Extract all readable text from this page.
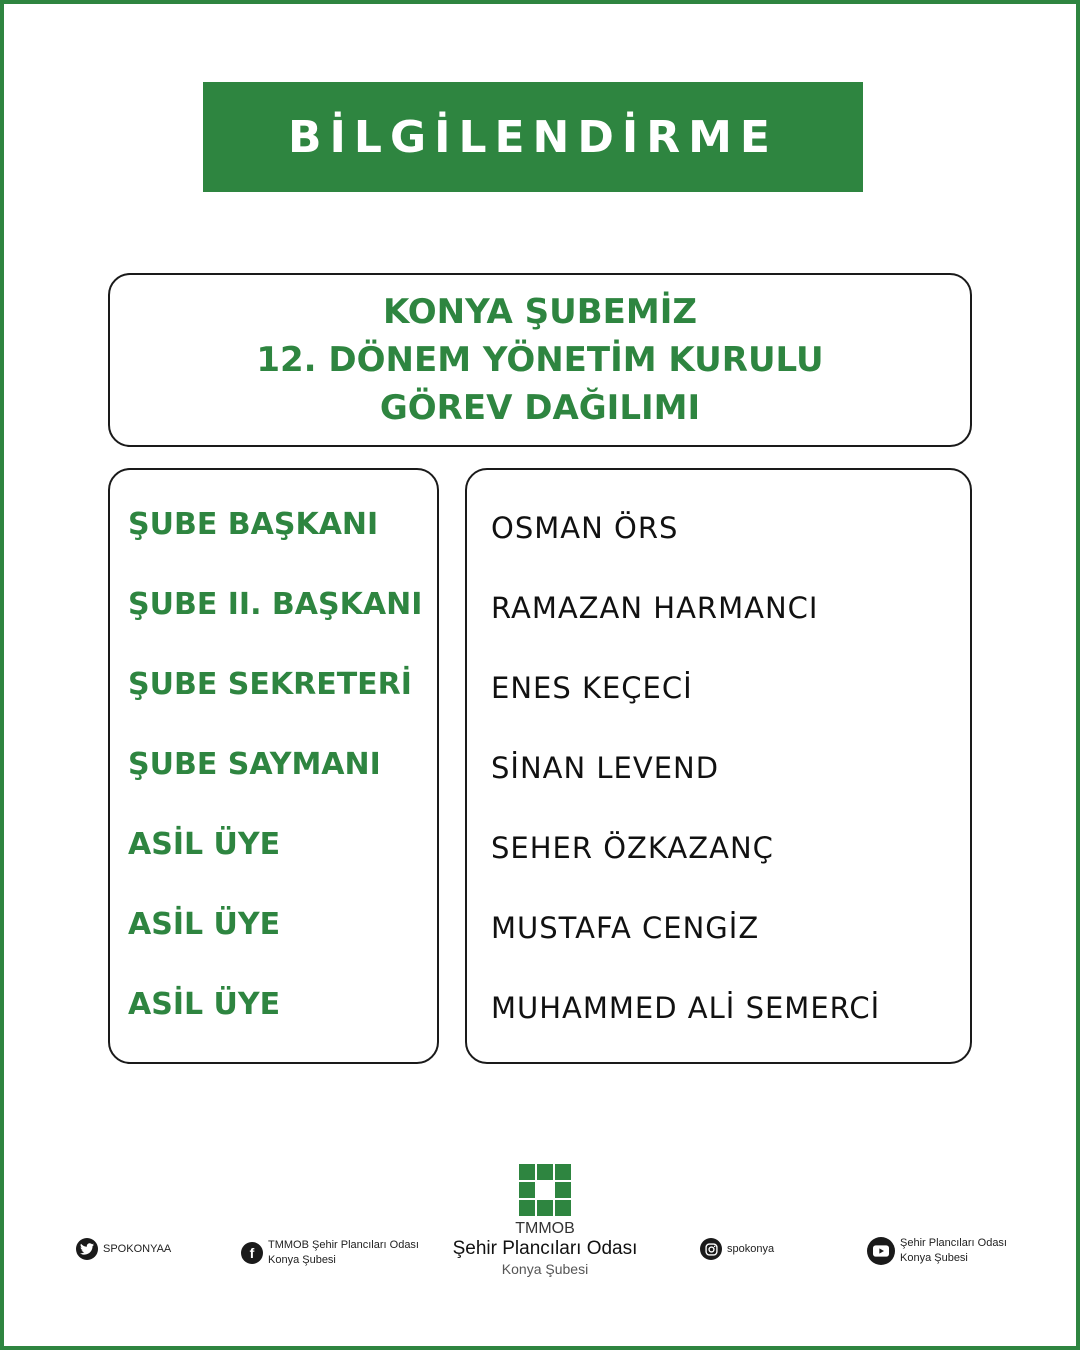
BİLGİLENDİRME
KONYA ŞUBEMİZ
12. DÖNEM YÖNETİM KURULU
GÖREV DAĞILIMI
ŞUBE BAŞKANI
ŞUBE II. BAŞKANI
ŞUBE SEKRETERİ
ŞUBE SAYMANI
ASİL ÜYE
ASİL ÜYE
ASİL ÜYE
OSMAN ÖRS
RAMAZAN HARMANCI
ENES KEÇECİ
SİNAN LEVEND
SEHER ÖZKAZANÇ
MUSTAFA CENGİZ
MUHAMMED ALİ SEMERCİ
SPOKONYAA	f TMMOB Şehir Plancıları Odası
Konya Şubesi
TMMOB
Şehir Plancıları Odası
Konya Şubesi
spokonya	Şehir Plancıları Odası
Konya Şubesi
